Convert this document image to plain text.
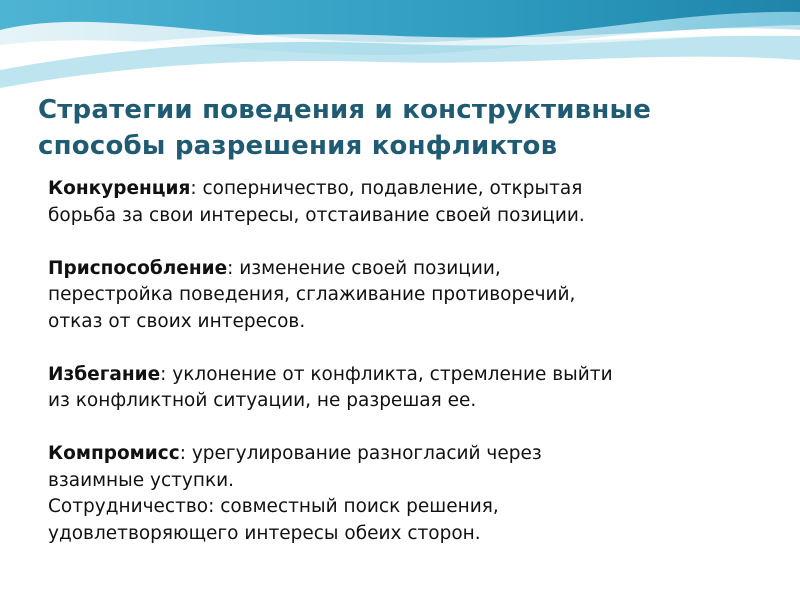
Стратегии поведения и конструктивные
способы разрешения конфликтов

Конкуренция: соперничество, подавление, открытая
борьба за свои интересы, отстаивание своей позиции.

Приспособление: изменение своей позиции,
перестройка поведения, сглаживание противоречий,
отказ от своих интересов.

Избегание: уклонение от конфликта, стремление выйти
из конфликтной ситуации, не разрешая ее.

Компромисс: урегулирование разногласий через
взаимные уступки.

Сотрудничество: совместный поиск решения,
удовлетворяющего интересы обеих сторон.
